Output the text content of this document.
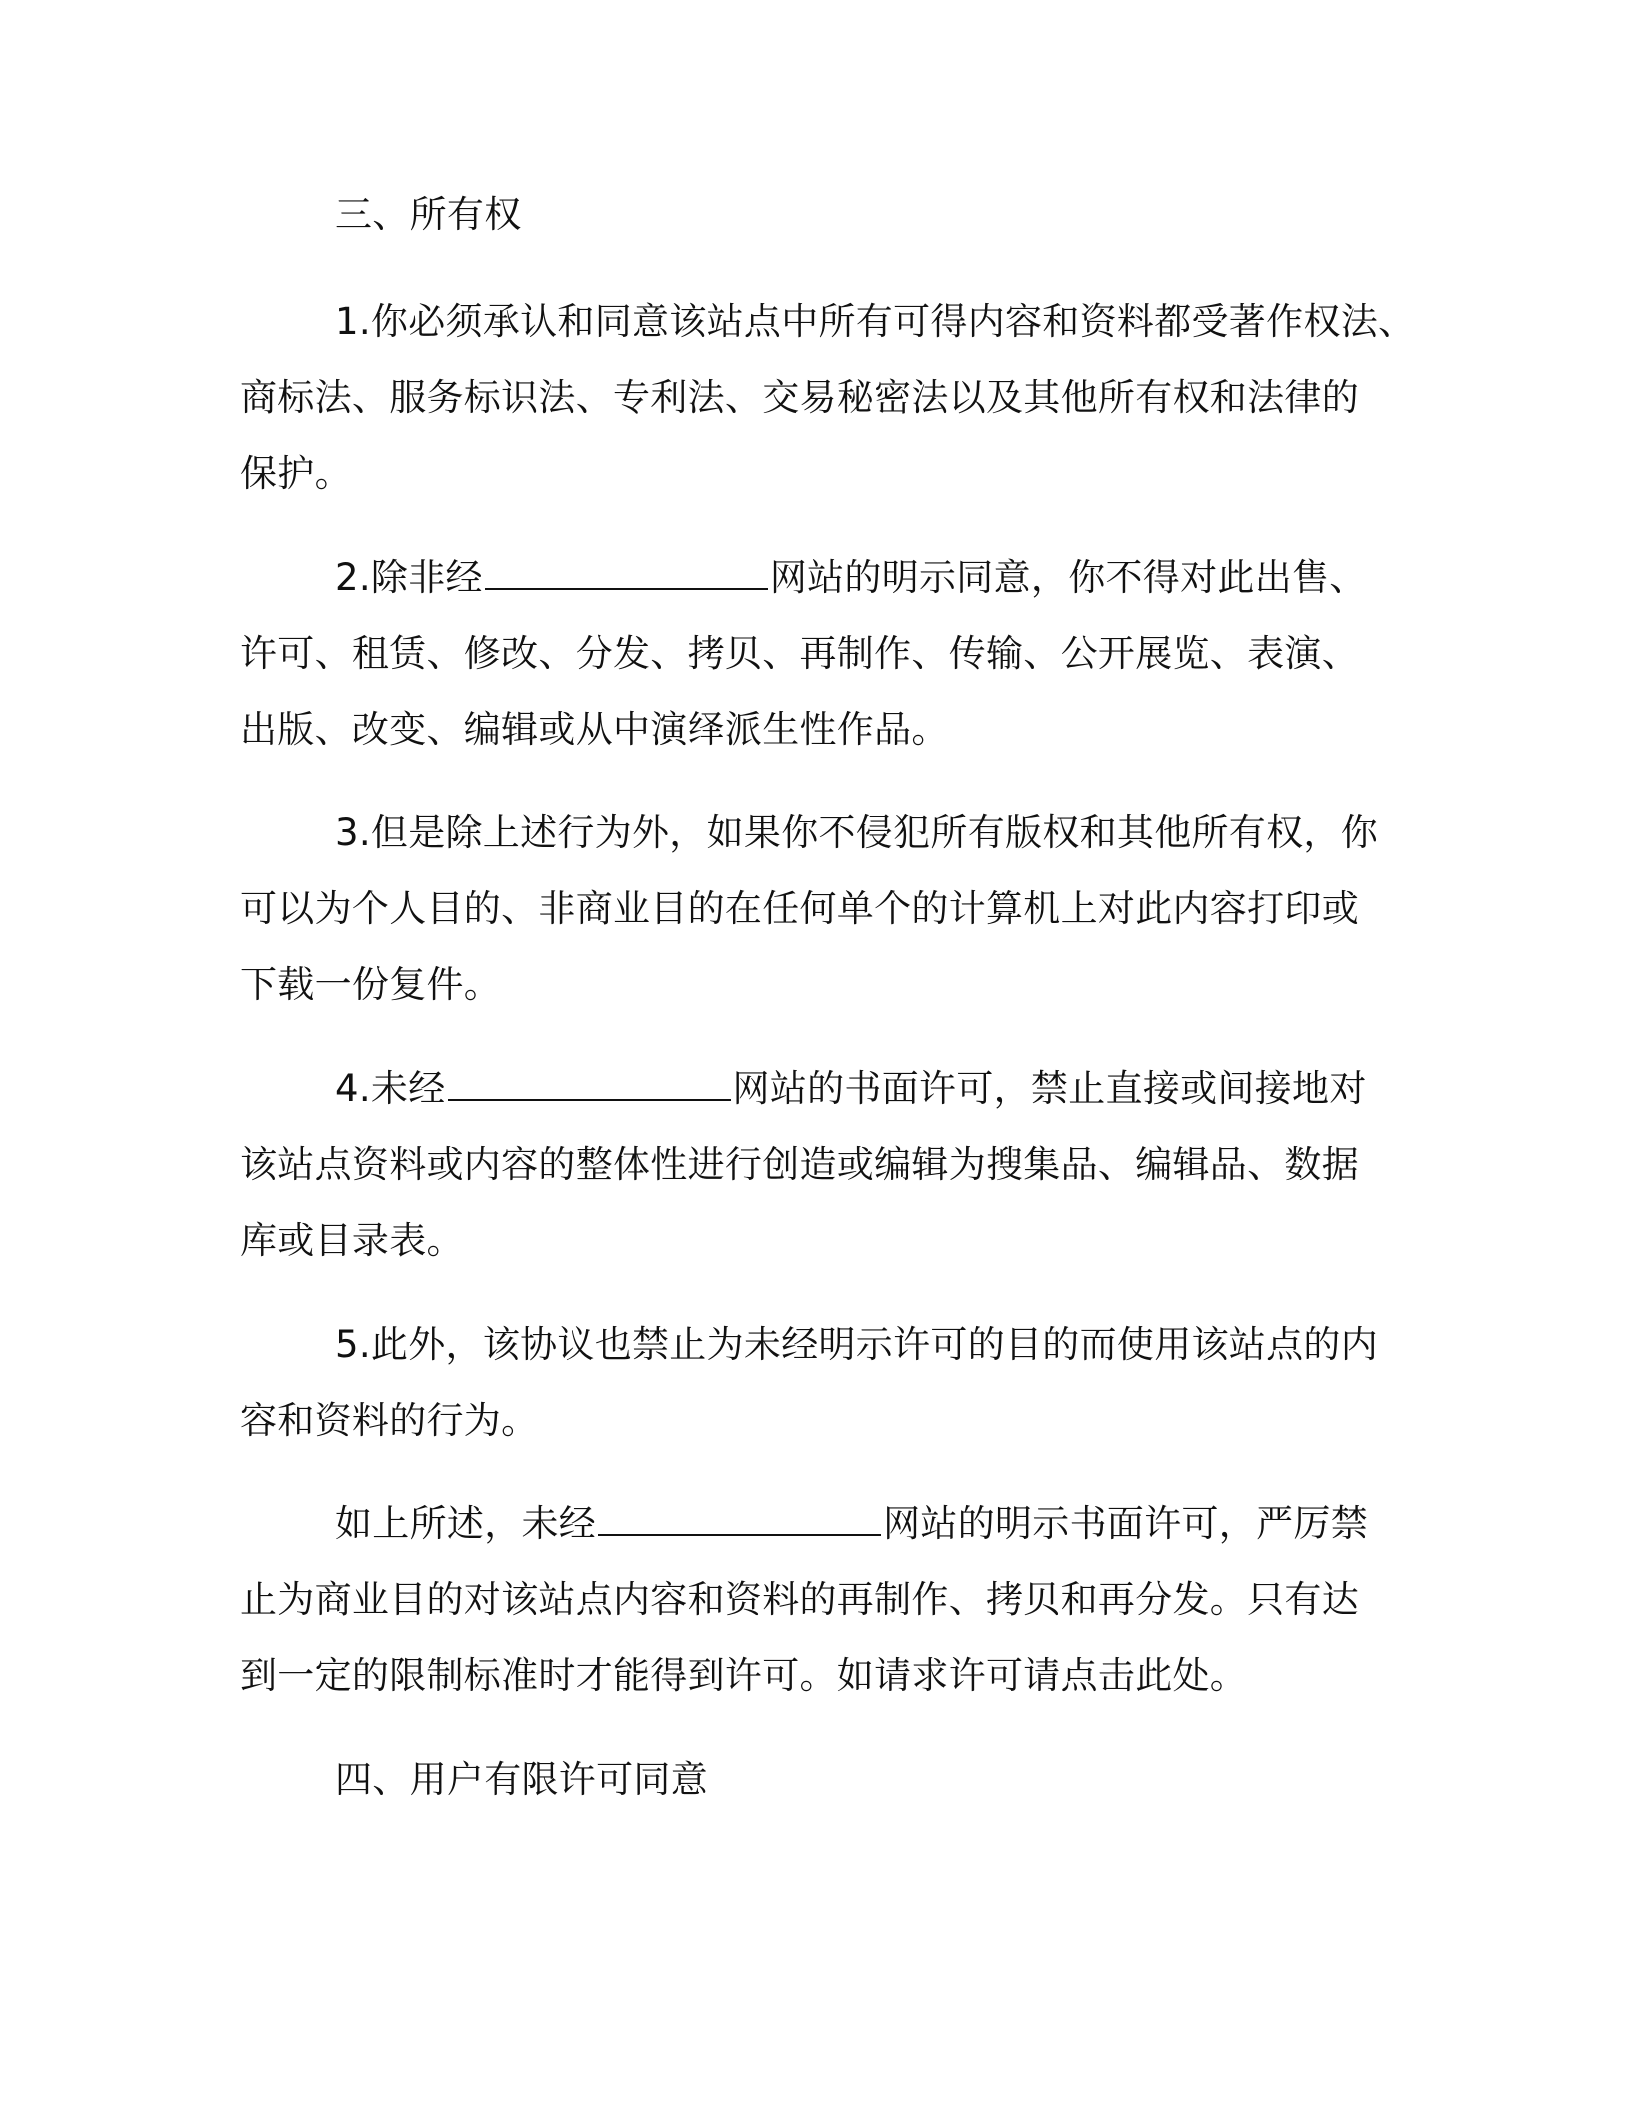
三、所有权
1.你必须承认和同意该站点中所有可得内容和资料都受著作权法、
商标法、服务标识法、专利法、交易秘密法以及其他所有权和法律的
保护。
2.除非经	网站的明示同意，你不得对此出售、
许可、租赁、修改、分发、拷贝、再制作、传输、公开展览、表演、
出版、改变、编辑或从中演绎派生性作品。
3.但是除上述行为外，如果你不侵犯所有版权和其他所有权，你
可以为个人目的、非商业目的在任何单个的计算机上对此内容打印或
下载一份复件。
4.未经	网站的书面许可，禁止直接或间接地对
该站点资料或内容的整体性进行创造或编辑为搜集品、编辑品、数据
库或目录表。
5.此外，该协议也禁止为未经明示许可的目的而使用该站点的内
容和资料的行为。
如上所述，未经	网站的明示书面许可，严厉禁
止为商业目的对该站点内容和资料的再制作、拷贝和再分发。只有达
到一定的限制标准时才能得到许可。如请求许可请点击此处。
四、用户有限许可同意
